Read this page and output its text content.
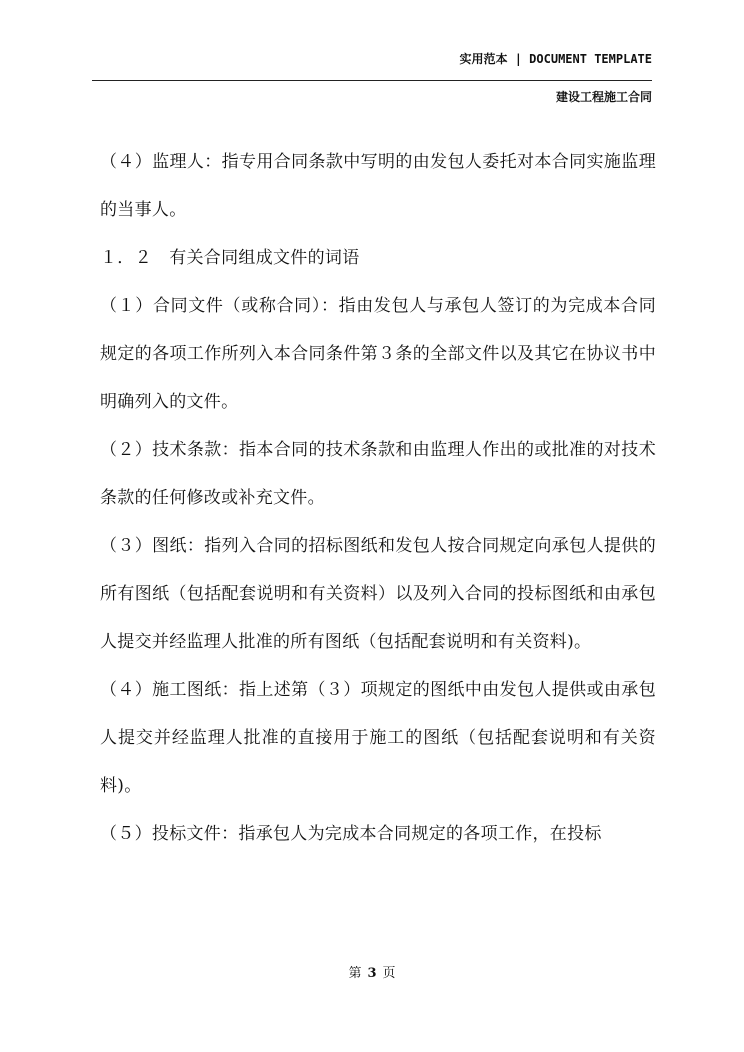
实用范本 | DOCUMENT TEMPLATE
建设工程施工合同

（４）监理人：指专用合同条款中写明的由发包人委托对本合同实施监理的当事人。

１．２　有关合同组成文件的词语

（１）合同文件（或称合同）：指由发包人与承包人签订的为完成本合同规定的各项工作所列入本合同条件第３条的全部文件以及其它在协议书中明确列入的文件。

（２）技术条款：指本合同的技术条款和由监理人作出的或批准的对技术条款的任何修改或补充文件。

（３）图纸：指列入合同的招标图纸和发包人按合同规定向承包人提供的所有图纸（包括配套说明和有关资料）以及列入合同的投标图纸和由承包人提交并经监理人批准的所有图纸（包括配套说明和有关资料)。

（４）施工图纸：指上述第（３）项规定的图纸中由发包人提供或由承包人提交并经监理人批准的直接用于施工的图纸（包括配套说明和有关资料)。

（５）投标文件：指承包人为完成本合同规定的各项工作，在投标

第 3 页
